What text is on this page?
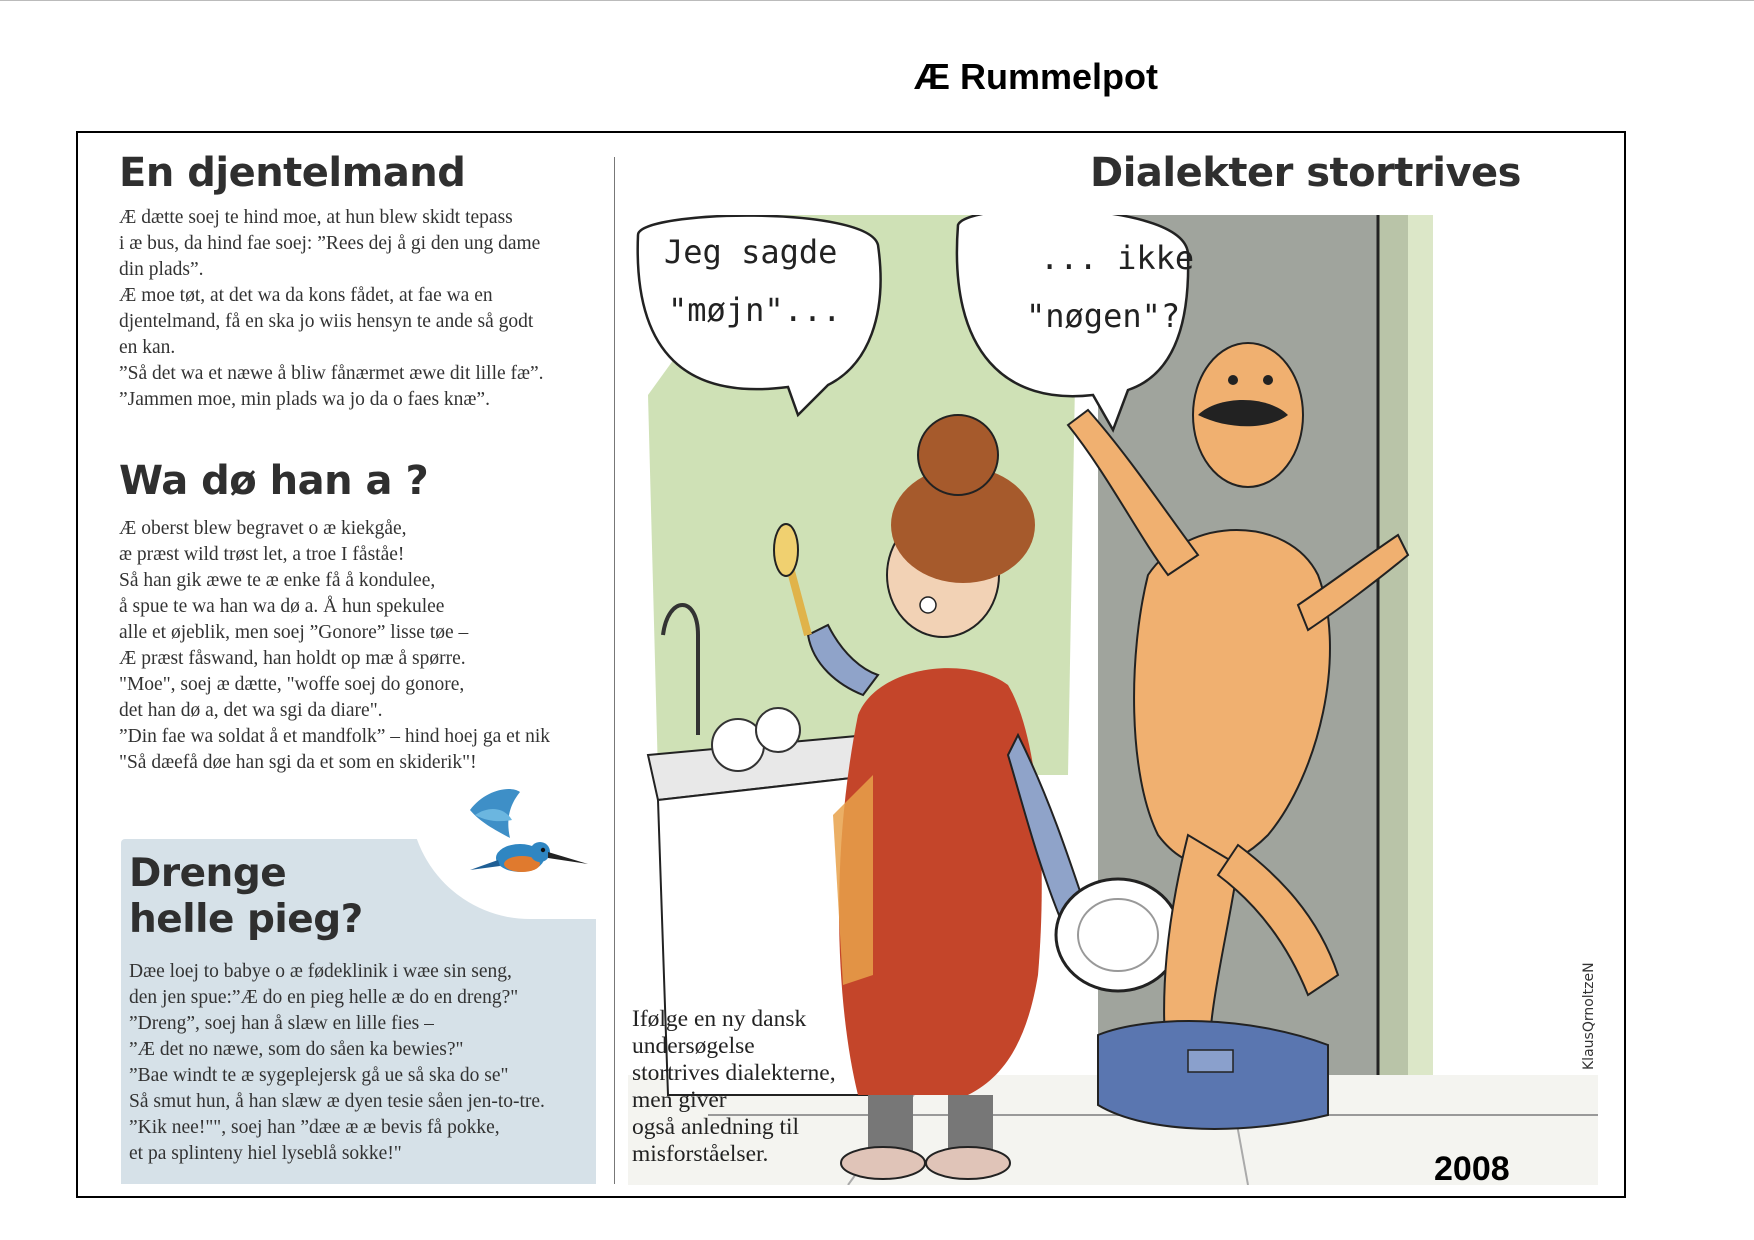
Æ Rummelpot
En djentelmand
Æ dætte soej te hind moe, at hun blew skidt tepass
i æ bus, da hind fae soej: ”Rees dej å gi den ung dame
din plads”.
Æ moe tøt, at det wa da kons fådet, at fae wa en
djentelmand, få en ska jo wiis hensyn te ande så godt
en kan.
”Så det wa et næwe å bliw fånærmet æwe dit lille fæ”.
”Jammen moe, min plads wa jo da o faes knæ”.
Wa dø han a ?
Æ oberst blew begravet o æ kiekgåe,
æ præst wild trøst let, a troe I fåståe!
Så han gik æwe te æ enke få å kondulee,
å spue te wa han wa dø a. Å hun spekulee
alle et øjeblik, men soej ”Gonore” lisse tøe –
Æ præst fåswand, han holdt op mæ å spørre.
"Moe", soej æ dætte, "woffe soej do gonore,
det han dø a, det wa sgi da diare".
”Din fae wa soldat å et mandfolk” – hind hoej ga et nik
"Så dæefå døe han sgi da et som en skiderik"!
Drenge
helle pieg?
Dæe loej to babye o æ fødeklinik i wæe sin seng,
den jen spue:”Æ do en pieg helle æ do en dreng?"
”Dreng”, soej han å slæw en lille fies –
”Æ det no næwe, som do såen ka bewies?"
”Bae windt te æ sygeplejersk gå ue så ska do se"
Så smut hun, å han slæw æ dyen tesie såen jen-to-tre.
”Kik nee!"", soej han ”dæe æ æ bevis få pokke,
et pa splinteny hiel lyseblå sokke!"
Dialekter stortrives
Jeg sagde
"møjn"...
... ikke
"nøgen"?
KlausQrnoltzeN
Ifølge en ny dansk
undersøgelse
stortrives dialekterne,
men giver
også anledning til
misforståelser.	2008
